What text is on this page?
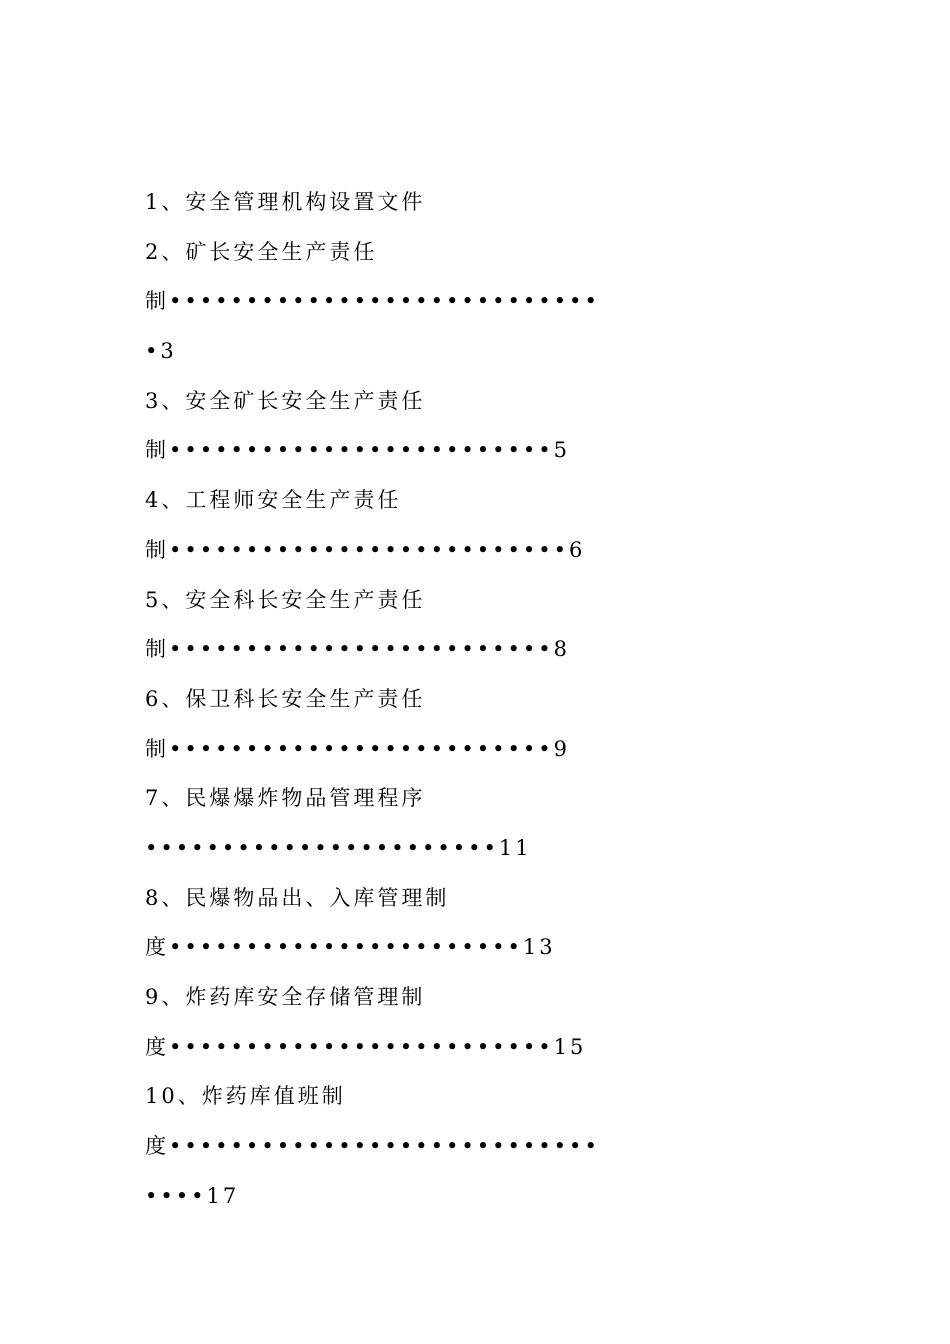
1、安全管理机构设置文件
2、矿长安全生产责任
制••••••••••••••••••••••••••••
•3
3、安全矿长安全生产责任
制•••••••••••••••••••••••••5
4、工程师安全生产责任
制••••••••••••••••••••••••••6
5、安全科长安全生产责任
制•••••••••••••••••••••••••8
6、保卫科长安全生产责任
制•••••••••••••••••••••••••9
7、民爆爆炸物品管理程序
•••••••••••••••••••••••11
8、民爆物品出、入库管理制
度•••••••••••••••••••••••13
9、炸药库安全存储管理制
度•••••••••••••••••••••••••15
10、炸药库值班制
度••••••••••••••••••••••••••••
••••17
